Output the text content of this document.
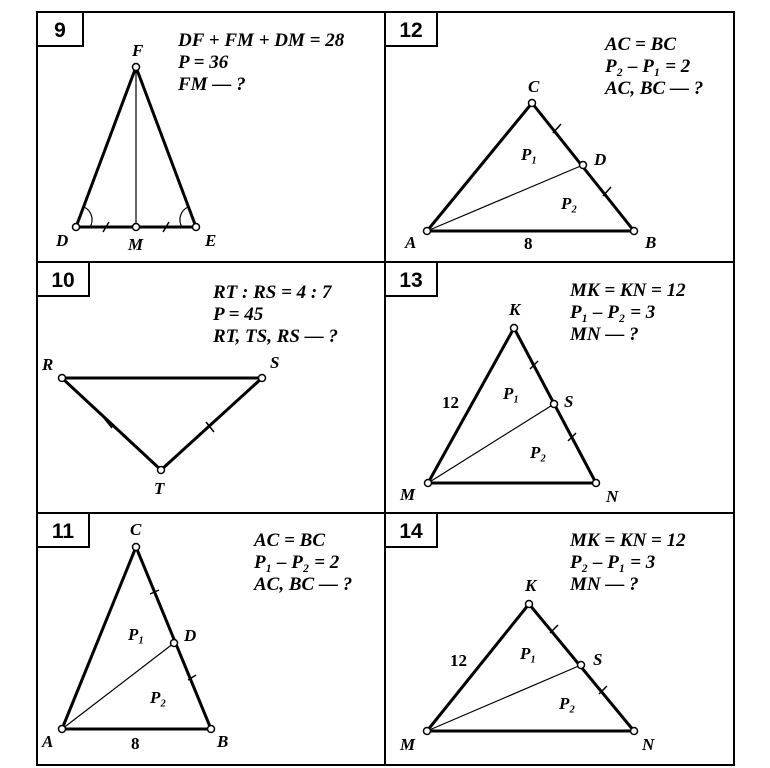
9	DF + FM + DM = 28
P = 36
FM — ?
F
D	M	E
12
AC = BC
P₂ – P₁ = 2
AC, BC — ?
C
D
A	B
P₁
P₂
8
10
RT : RS = 4 : 7
P = 45
RT, TS, RS — ?
R	S
T
13	MK = KN = 12
P₁ – P₂ = 3
MN — ?
K
S
M	N
P₁
P₂
12
11	AC = BC
P₁ – P₂ = 2
AC, BC — ?
C
D
A	B
P₁
P₂
8
14	MK = KN = 12
P₂ – P₁ = 3
MN — ?
K
S
M	N
P₁
P₂
12
